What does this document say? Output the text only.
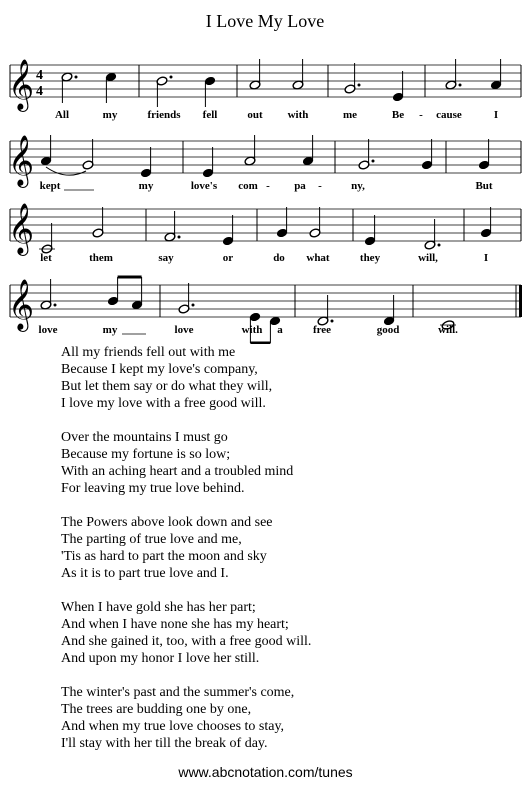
I Love My Love
𝄞 4
4
All	my	friends fell	out with	me	Be - cause	I
𝄞 kept	my	love's com - pa -	ny,	But
𝄞
let	them	say	or	do what	they	will,	I
𝄞 love	my	love	with a	free	good	will.
All my friends fell out with me
Because I kept my love's company,
But let them say or do what they will,
I love my love with a free good will.
Over the mountains I must go
Because my fortune is so low;
With an aching heart and a troubled mind
For leaving my true love behind.
The Powers above look down and see
The parting of true love and me,
'Tis as hard to part the moon and sky
As it is to part true love and I.
When I have gold she has her part;
And when I have none she has my heart;
And she gained it, too, with a free good will.
And upon my honor I love her still.
The winter's past and the summer's come,
The trees are budding one by one,
And when my true love chooses to stay,
I'll stay with her till the break of day.
www.abcnotation.com/tunes
